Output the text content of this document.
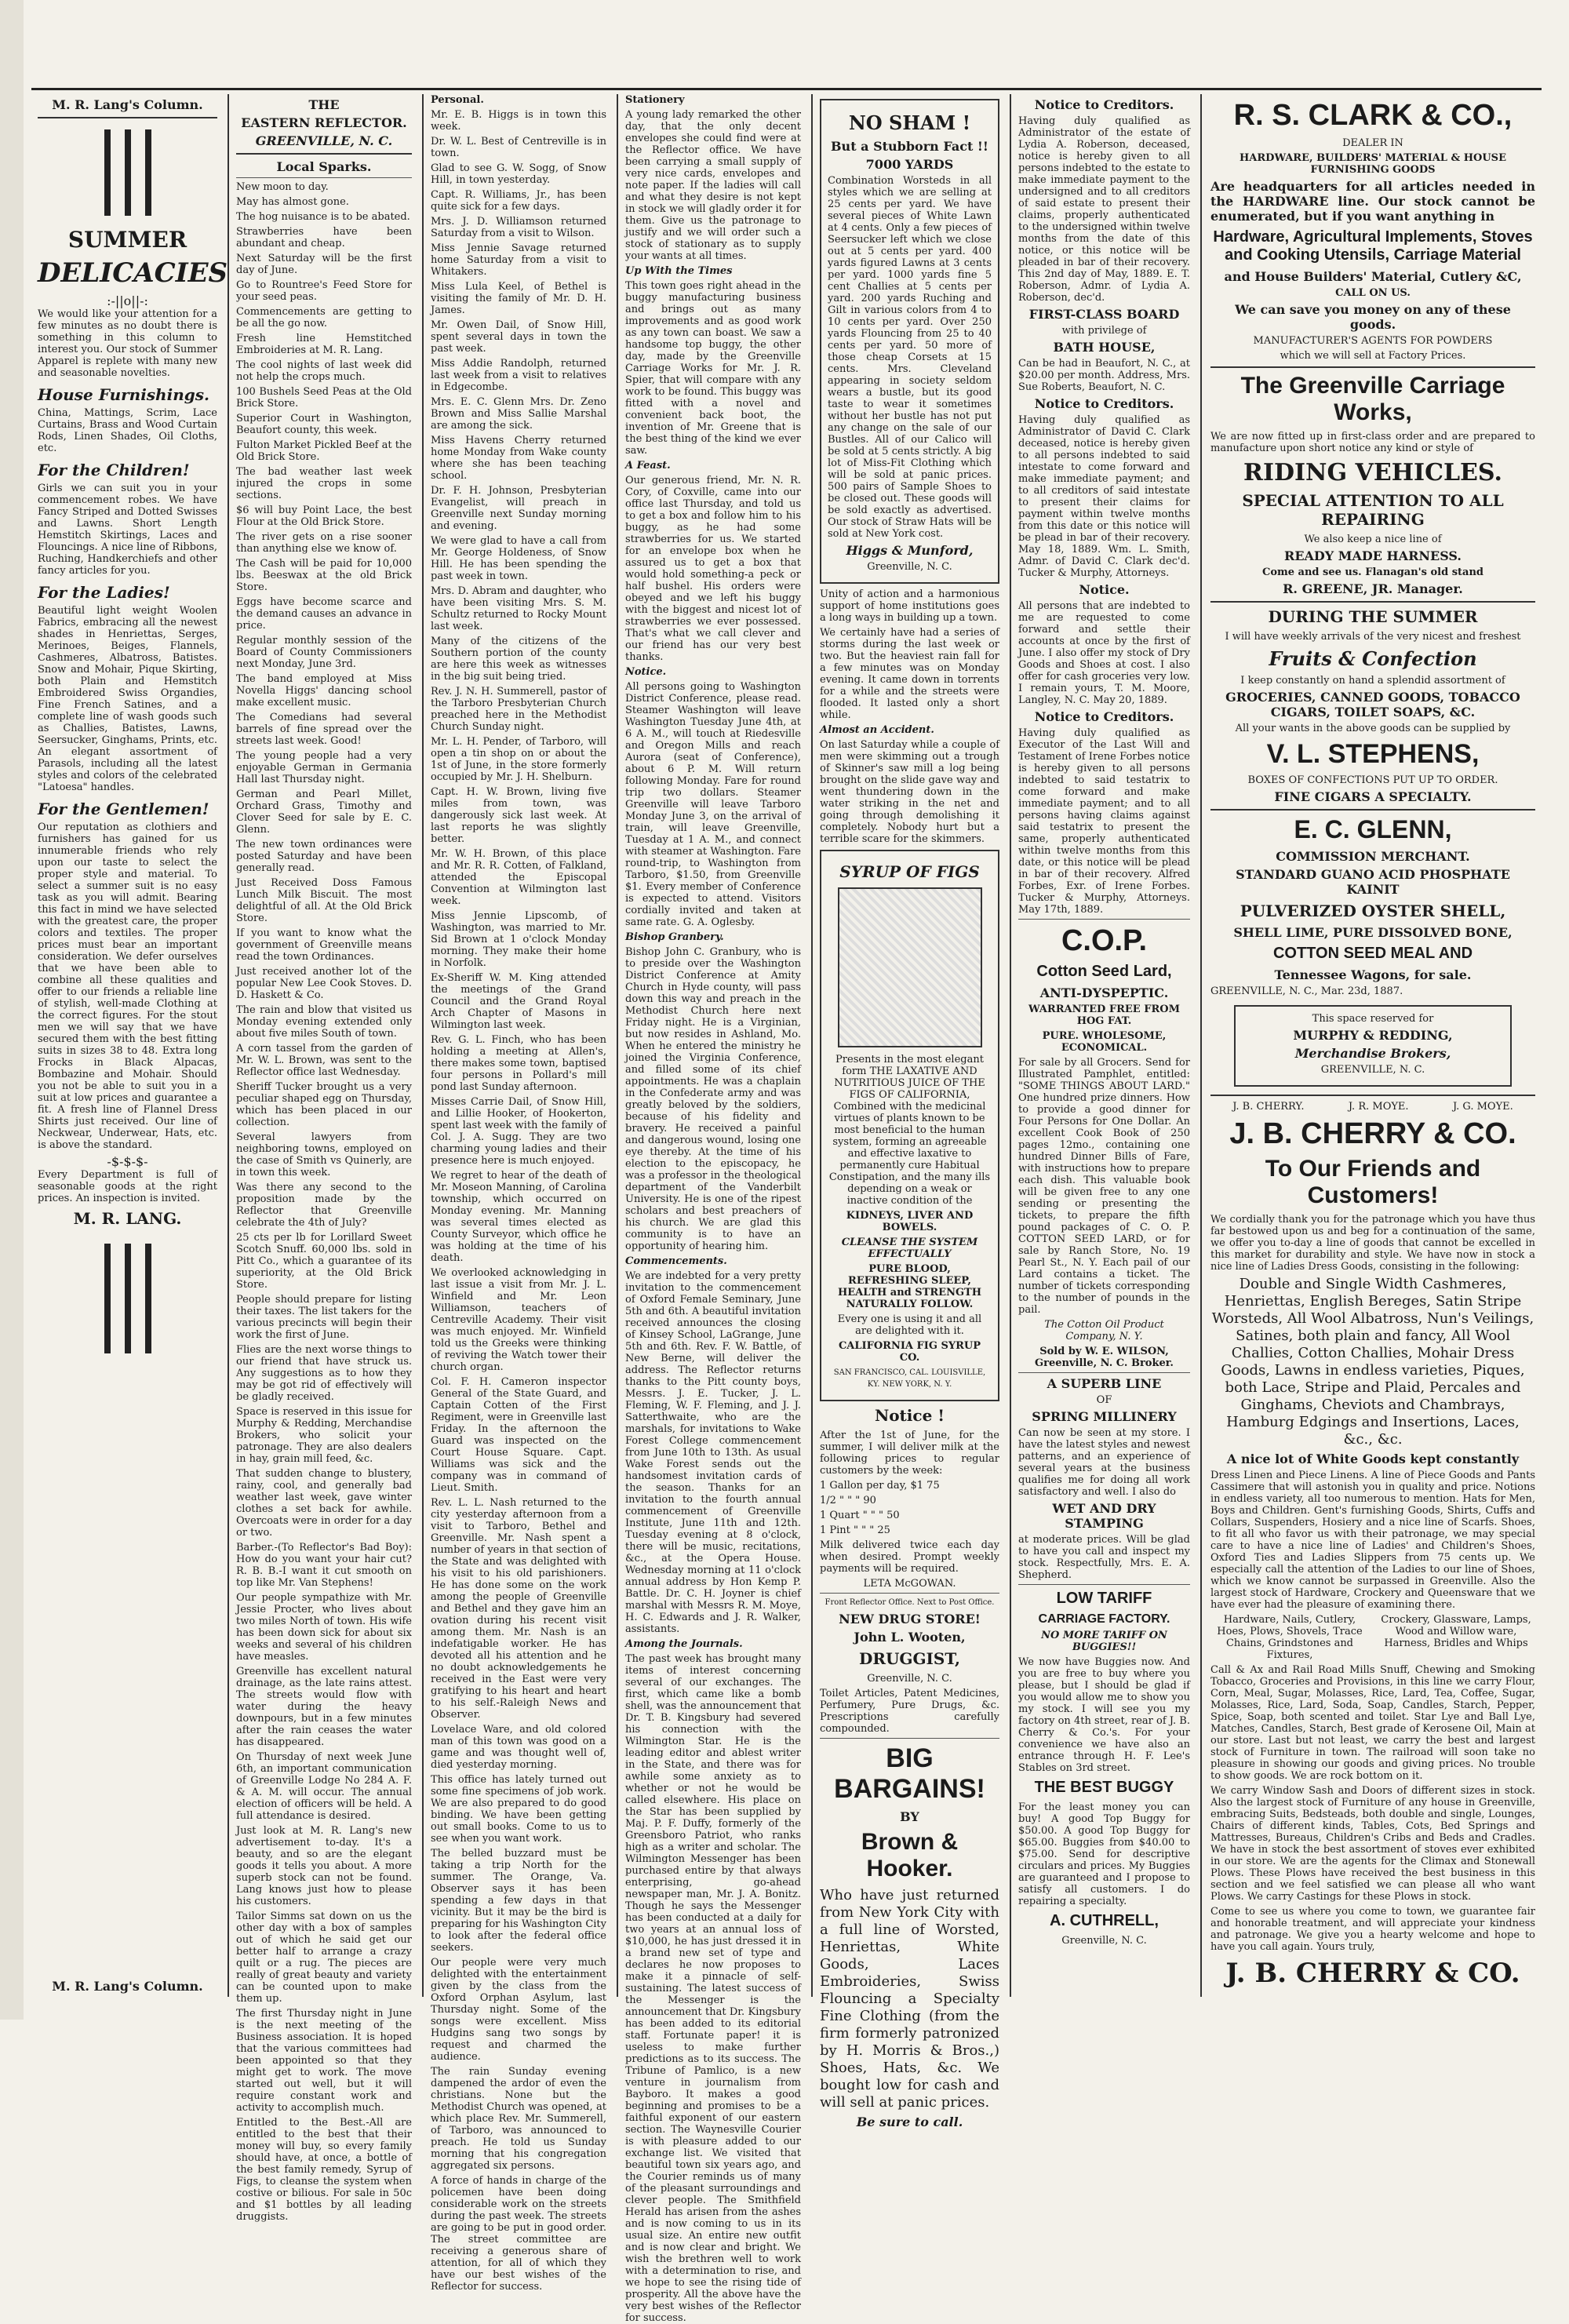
M. R. Lang's Column.
SUMMER
DELICACIES
:-||o||-:

We would like your attention for a few minutes as no doubt there is something in this column to interest you. Our stock of Summer Apparel is replete with many new and seasonable novelties.

House Furnishings.

China, Mattings, Scrim, Lace Curtains, Brass and Wood Curtain Rods, Linen Shades, Oil Cloths, etc.

For the Children!

Girls we can suit you in your commencement robes. We have Fancy Striped and Dotted Swisses and Lawns. Short Length Hemstitch Skirtings, Laces and Flouncings. A nice line of Ribbons, Ruching, Handkerchiefs and other fancy articles for you.

For the Ladies!

Beautiful light weight Woolen Fabrics, embracing all the newest shades in Henriettas, Serges, Merinoes, Beiges, Flannels, Cashmeres, Albatross, Batistes. Snow and Mohair, Pique Skirting, both Plain and Hemstitch Embroidered Swiss Organdies, Fine French Satines, and a complete line of wash goods such as Challies, Batistes, Lawns, Seersucker, Ginghams, Prints, etc. An elegant assortment of Parasols, including all the latest styles and colors of the celebrated "Latoesa" handles.

For the Gentlemen!

Our reputation as clothiers and furnishers has gained for us innumerable friends who rely upon our taste to select the proper style and material. To select a summer suit is no easy task as you will admit. Bearing this fact in mind we have selected with the greatest care, the proper colors and textiles. The proper prices must bear an important consideration. We defer ourselves that we have been able to combine all these qualities and offer to our friends a reliable line of stylish, well-made Clothing at the correct figures. For the stout men we will say that we have secured them with the best fitting suits in sizes 38 to 48. Extra long Frocks in Black Alpacas, Bombazine and Mohair. Should you not be able to suit you in a suit at low prices and guarantee a fit. A fresh line of Flannel Dress Shirts just received. Our line of Neckwear, Underwear, Hats, etc. is above the standard.

-$-$-$-

Every Department is full of seasonable goods at the right prices. An inspection is invited.

M. R. LANG.
M. R. Lang's Column.
THE
EASTERN REFLECTOR.
GREENVILLE, N. C.
Local Sparks.

New moon to day.

May has almost gone.

The hog nuisance is to be abated.

Strawberries have been abundant and cheap.

Next Saturday will be the first day of June.

Go to Rountree's Feed Store for your seed peas.

Commencements are getting to be all the go now.

Fresh line Hemstitched Embroideries at M. R. Lang.

The cool nights of last week did not help the crops much.

100 Bushels Seed Peas at the Old Brick Store.

Superior Court in Washington, Beaufort county, this week.

Fulton Market Pickled Beef at the Old Brick Store.

The bad weather last week injured the crops in some sections.

$6 will buy Point Lace, the best Flour at the Old Brick Store.

The river gets on a rise sooner than anything else we know of.

The Cash will be paid for 10,000 lbs. Beeswax at the old Brick Store.

Eggs have become scarce and the demand causes an advance in price.

Regular monthly session of the Board of County Commissioners next Monday, June 3rd.

The band employed at Miss Novella Higgs' dancing school make excellent music.

The Comedians had several barrels of fine spread over the streets last week. Good!

The young people had a very enjoyable German in Germania Hall last Thursday night.

German and Pearl Millet, Orchard Grass, Timothy and Clover Seed for sale by E. C. Glenn.

The new town ordinances were posted Saturday and have been generally read.

Just Received Doss Famous Lunch Milk Biscuit. The most delightful of all. At the Old Brick Store.

If you want to know what the government of Greenville means read the town Ordinances.

Just received another lot of the popular New Lee Cook Stoves. D. D. Haskett & Co.

The rain and blow that visited us Monday evening extended only about five miles South of town.

A corn tassel from the garden of Mr. W. L. Brown, was sent to the Reflector office last Wednesday.

Sheriff Tucker brought us a very peculiar shaped egg on Thursday, which has been placed in our collection.

Several lawyers from neighboring towns, employed on the case of Smith vs Quinerly, are in town this week.

Was there any second to the proposition made by the Reflector that Greenville celebrate the 4th of July?

25 cts per lb for Lorillard Sweet Scotch Snuff. 60,000 lbs. sold in Pitt Co., which a guarantee of its superiority, at the Old Brick Store.

People should prepare for listing their taxes. The list takers for the various precincts will begin their work the first of June.

Flies are the next worse things to our friend that have struck us. Any suggestions as to how they may be got rid of effectively will be gladly received.

Space is reserved in this issue for Murphy & Redding, Merchandise Brokers, who solicit your patronage. They are also dealers in hay, grain mill feed, &c.

That sudden change to blustery, rainy, cool, and generally bad weather last week, gave winter clothes a set back for awhile. Overcoats were in order for a day or two.

Barber.-(To Reflector's Bad Boy): How do you want your hair cut? R. B. B.-I want it cut smooth on top like Mr. Van Stephens!

Our people sympathize with Mr. Jessie Procter, who lives about two miles North of town. His wife has been down sick for about six weeks and several of his children have measles.

Greenville has excellent natural drainage, as the late rains attest. The streets would flow with water during the heavy downpours, but in a few minutes after the rain ceases the water has disappeared.

On Thursday of next week June 6th, an important communication of Greenville Lodge No 284 A. F. & A. M. will occur. The annual election of officers will be held. A full attendance is desired.

Just look at M. R. Lang's new advertisement to-day. It's a beauty, and so are the elegant goods it tells you about. A more superb stock can not be found. Lang knows just how to please his customers.

Tailor Simms sat down on us the other day with a box of samples out of which he said get our better half to arrange a crazy quilt or a rug. The pieces are really of great beauty and variety can be counted upon to make them up.

The first Thursday night in June is the next meeting of the Business association. It is hoped that the various committees had been appointed so that they might get to work. The move started out well, but it will require constant work and activity to accomplish much.

Entitled to the Best.-All are entitled to the best that their money will buy, so every family should have, at once, a bottle of the best family remedy, Syrup of Figs, to cleanse the system when costive or bilious. For sale in 50c and $1 bottles by all leading druggists.

Personal.

Mr. E. B. Higgs is in town this week.

Dr. W. L. Best of Centreville is in town.

Glad to see G. W. Sogg, of Snow Hill, in town yesterday.

Capt. R. Williams, Jr., has been quite sick for a few days.

Mrs. J. D. Williamson returned Saturday from a visit to Wilson.

Miss Jennie Savage returned home Saturday from a visit to Whitakers.

Miss Lula Keel, of Bethel is visiting the family of Mr. D. H. James.

Mr. Owen Dail, of Snow Hill, spent several days in town the past week.

Miss Addie Randolph, returned last week from a visit to relatives in Edgecombe.

Mrs. E. C. Glenn Mrs. Dr. Zeno Brown and Miss Sallie Marshal are among the sick.

Miss Havens Cherry returned home Monday from Wake county where she has been teaching school.

Dr. F. H. Johnson, Presbyterian Evangelist, will preach in Greenville next Sunday morning and evening.

We were glad to have a call from Mr. George Holdeness, of Snow Hill. He has been spending the past week in town.

Mrs. D. Abram and daughter, who have been visiting Mrs. S. M. Schultz returned to Rocky Mount last week.

Many of the citizens of the Southern portion of the county are here this week as witnesses in the big suit being tried.

Rev. J. N. H. Summerell, pastor of the Tarboro Presbyterian Church preached here in the Methodist Church Sunday night.

Mr. L. H. Pender, of Tarboro, will open a tin shop on or about the 1st of June, in the store formerly occupied by Mr. J. H. Shelburn.

Capt. H. W. Brown, living five miles from town, was dangerously sick last week. At last reports he was slightly better.

Mr. W. H. Brown, of this place and Mr. R. R. Cotten, of Falkland, attended the Episcopal Convention at Wilmington last week.

Miss Jennie Lipscomb, of Washington, was married to Mr. Sid Brown at 1 o'clock Monday morning. They make their home in Norfolk.

Ex-Sheriff W. M. King attended the meetings of the Grand Council and the Grand Royal Arch Chapter of Masons in Wilmington last week.

Rev. G. L. Finch, who has been holding a meeting at Allen's, there makes some town, baptised four persons in Pollard's mill pond last Sunday afternoon.

Misses Carrie Dail, of Snow Hill, and Lillie Hooker, of Hookerton, spent last week with the family of Col. J. A. Sugg. They are two charming young ladies and their presence here is much enjoyed.

We regret to hear of the death of Mr. Moseon Manning, of Carolina township, which occurred on Monday evening. Mr. Manning was several times elected as County Surveyor, which office he was holding at the time of his death.

We overlooked acknowledging in last issue a visit from Mr. J. L. Winfield and Mr. Leon Williamson, teachers of Centreville Academy. Their visit was much enjoyed. Mr. Winfield told us the Greeks were thinking of reviving the Watch tower their church organ.

Col. F. H. Cameron inspector General of the State Guard, and Captain Cotten of the First Regiment, were in Greenville last Friday. In the afternoon the Guard was inspected on the Court House Square. Capt. Williams was sick and the company was in command of Lieut. Smith.

Rev. L. L. Nash returned to the city yesterday afternoon from a visit to Tarboro, Bethel and Greenville. Mr. Nash spent a number of years in that section of the State and was delighted with his visit to his old parishioners. He has done some on the work among the people of Greenville and Bethel and they gave him an ovation during his recent visit among them. Mr. Nash is an indefatigable worker. He has devoted all his attention and he no doubt acknowledgements he received in the East were very gratifying to his heart and heart to his self.-Raleigh News and Observer.

Lovelace Ware, and old colored man of this town was good on a game and was thought well of, died yesterday morning.

This office has lately turned out some fine specimens of job work. We are also prepared to do good binding. We have been getting out small books. Come to us to see when you want work.

The belled buzzard must be taking a trip North for the summer. The Orange, Va. Observer says it has been spending a few days in that vicinity. But it may be the bird is preparing for his Washington City to look after the federal office seekers.

Our people were very much delighted with the entertainment given by the class from the Oxford Orphan Asylum, last Thursday night. Some of the songs were excellent. Miss Hudgins sang two songs by request and charmed the audience.

The rain Sunday evening dampened the ardor of even the christians. None but the Methodist Church was opened, at which place Rev. Mr. Summerell, of Tarboro, was announced to preach. He told us Sunday morning that his congregation aggregated six persons.

A force of hands in charge of the policemen have been doing considerable work on the streets during the past week. The streets are going to be put in good order. The street committee are receiving a generous share of attention, for all of which they have our best wishes of the Reflector for success.

Stationery

A young lady remarked the other day, that the only decent envelopes she could find were at the Reflector office. We have been carrying a small supply of very nice cards, envelopes and note paper. If the ladies will call and what they desire is not kept in stock we will gladly order it for them. Give us the patronage to justify and we will order such a stock of stationary as to supply your wants at all times.

Up With the Times

This town goes right ahead in the buggy manufacturing business and brings out as many improvements and as good work as any town can boast. We saw a handsome top buggy, the other day, made by the Greenville Carriage Works for Mr. J. R. Spier, that will compare with any work to be found. This buggy was fitted with a novel and convenient back boot, the invention of Mr. Greene that is the best thing of the kind we ever saw.

A Feast.

Our generous friend, Mr. N. R. Cory, of Coxville, came into our office last Thursday, and told us to get a box and follow him to his buggy, as he had some strawberries for us. We started for an envelope box when he assured us to get a box that would hold something-a peck or half bushel. His orders were obeyed and we left his buggy with the biggest and nicest lot of strawberries we ever possessed. That's what we call clever and our friend has our very best thanks.

Notice.

All persons going to Washington District Conference, please read. Steamer Washington will leave Washington Tuesday June 4th, at 6 A. M., will touch at Riedesville and Oregon Mills and reach Aurora (seat of Conference), about 6 P. M. Will return following Monday. Fare for round trip two dollars. Steamer Greenville will leave Tarboro Monday June 3, on the arrival of train, will leave Greenville, Tuesday at 1 A. M., and connect with steamer at Washington. Fare round-trip, to Washington from Tarboro, $1.50, from Greenville $1. Every member of Conference is expected to attend. Visitors cordially invited and taken at same rate. G. A. Oglesby.

Bishop Granbery.

Bishop John C. Granbury, who is to preside over the Washington District Conference at Amity Church in Hyde county, will pass down this way and preach in the Methodist Church here next Friday night. He is a Virginian, but now resides in Ashland, Mo. When he entered the ministry he joined the Virginia Conference, and filled some of its chief appointments. He was a chaplain in the Confederate army and was greatly beloved by the soldiers, because of his fidelity and bravery. He received a painful and dangerous wound, losing one eye thereby. At the time of his election to the episcopacy, he was a professor in the theological department of the Vanderbilt University. He is one of the ripest scholars and best preachers of his church. We are glad this community is to have an opportunity of hearing him.

Commencements.

We are indebted for a very pretty invitation to the commencement of Oxford Female Seminary, June 5th and 6th. A beautiful invitation received announces the closing of Kinsey School, LaGrange, June 5th and 6th. Rev. F. W. Battle, of New Berne, will deliver the address. The Reflector returns thanks to the Pitt county boys, Messrs. J. E. Tucker, J. L. Fleming, W. F. Fleming, and J. J. Satterthwaite, who are the marshals, for invitations to Wake Forest College commencement from June 10th to 13th. As usual Wake Forest sends out the handsomest invitation cards of the season. Thanks for an invitation to the fourth annual commencement of Greenville Institute, June 11th and 12th. Tuesday evening at 8 o'clock, there will be music, recitations, &c., at the Opera House. Wednesday morning at 11 o'clock annual address by Hon Kemp P. Battle. Dr. C. H. Joyner is chief marshal with Messrs R. M. Moye, H. C. Edwards and J. R. Walker, assistants.

Among the Journals.

The past week has brought many items of interest concerning several of our exchanges. The first, which came like a bomb shell, was the announcement that Dr. T. B. Kingsbury had severed his connection with the Wilmington Star. He is the leading editor and ablest writer in the State, and there was for awhile some anxiety as to whether or not he would be called elsewhere. His place on the Star has been supplied by Maj. P. F. Duffy, formerly of the Greensboro Patriot, who ranks high as a writer and scholar. The Wilmington Messenger has been purchased entire by that always enterprising, go-ahead newspaper man, Mr. J. A. Bonitz. Though he says the Messenger has been conducted at a daily for two years at an annual loss of $10,000, he has just dressed it in a brand new set of type and declares he now proposes to make it a pinnacle of self-sustaining. The latest success of the Messenger is the announcement that Dr. Kingsbury has been added to its editorial staff. Fortunate paper! it is useless to make further predictions as to its success. The Tribune of Pamlico, is a new venture in journalism from Bayboro. It makes a good beginning and promises to be a faithful exponent of our eastern section. The Waynesville Courier is with pleasure added to our exchange list. We visited that beautiful town six years ago, and the Courier reminds us of many of the pleasant surroundings and clever people. The Smithfield Herald has arisen from the ashes and is now coming to us in its usual size. An entire new outfit and is now clear and bright. We wish the brethren well to work with a determination to rise, and we hope to see the rising tide of prosperity. All the above have the very best wishes of the Reflector for success.

NO SHAM !
But a Stubborn Fact !!
7000 YARDS

Combination Worsteds in all styles which we are selling at 25 cents per yard. We have several pieces of White Lawn at 4 cents. Only a few pieces of Seersucker left which we close out at 5 cents per yard. 400 yards figured Lawns at 3 cents per yard. 1000 yards fine 5 cent Challies at 5 cents per yard. 200 yards Ruching and Gilt in various colors from 4 to 10 cents per yard. Over 250 yards Flouncing from 25 to 40 cents per yard. 50 more of those cheap Corsets at 15 cents. Mrs. Cleveland appearing in society seldom wears a bustle, but its good taste to wear it sometimes without her bustle has not put any change on the sale of our Bustles. All of our Calico will be sold at 5 cents strictly. A big lot of Miss-Fit Clothing which will be sold at panic prices. 500 pairs of Sample Shoes to be closed out. These goods will be sold exactly as advertised. Our stock of Straw Hats will be sold at New York cost.

Higgs & Munford,
Greenville, N. C.

Unity of action and a harmonious support of home institutions goes a long ways in building up a town.

We certainly have had a series of storms during the last week or two. But the heaviest rain fall for a few minutes was on Monday evening. It came down in torrents for a while and the streets were flooded. It lasted only a short while.

Almost an Accident.

On last Saturday while a couple of men were skimming out a trough of Skinner's saw mill a log being brought on the slide gave way and went thundering down in the water striking in the net and going through demolishing it completely. Nobody hurt but a terrible scare for the skimmers.

SYRUP OF FIGS

Presents in the most elegant form THE LAXATIVE AND NUTRITIOUS JUICE OF THE FIGS OF CALIFORNIA, Combined with the medicinal virtues of plants known to be most beneficial to the human system, forming an agreeable and effective laxative to permanently cure Habitual Constipation, and the many ills depending on a weak or inactive condition of the

KIDNEYS, LIVER AND BOWELS.
CLEANSE THE SYSTEM EFFECTUALLY
PURE BLOOD, REFRESHING SLEEP, HEALTH and STRENGTH NATURALLY FOLLOW.
Every one is using it and all are delighted with it.
CALIFORNIA FIG SYRUP CO.
SAN FRANCISCO, CAL. LOUISVILLE, KY. NEW YORK, N. Y.
Notice !

After the 1st of June, for the summer, I will deliver milk at the following prices to regular customers by the week:

1 Gallon per day, $1 75

1/2 " " " 90

1 Quart " " " 50

1 Pint " " " 25

Milk delivered twice each day when desired. Prompt weekly payments will be required.

LETA McGOWAN.
Front Reflector Office. Next to Post Office.
NEW DRUG STORE!
John L. Wooten,
DRUGGIST,
Greenville, N. C.

Toilet Articles, Patent Medicines, Perfumery, Pure Drugs, &c. Prescriptions carefully compounded.

BIG BARGAINS!
BY
Brown & Hooker.

Who have just returned from New York City with a full line of Worsted, Henriettas, White Goods, Laces Embroideries, Swiss Flouncing a Specialty Fine Clothing (from the firm formerly patronized by H. Morris & Bros.,) Shoes, Hats, &c. We bought low for cash and will sell at panic prices.

Be sure to call.
Notice to Creditors.

Having duly qualified as Administrator of the estate of Lydia A. Roberson, deceased, notice is hereby given to all persons indebted to the estate to make immediate payment to the undersigned and to all creditors of said estate to present their claims, properly authenticated to the undersigned within twelve months from the date of this notice, or this notice will be pleaded in bar of their recovery. This 2nd day of May, 1889. E. T. Roberson, Admr. of Lydia A. Roberson, dec'd.

FIRST-CLASS BOARD
with privilege of
BATH HOUSE,

Can be had in Beaufort, N. C., at $20.00 per month. Address, Mrs. Sue Roberts, Beaufort, N. C.

Notice to Creditors.

Having duly qualified as Administrator of David C. Clark deceased, notice is hereby given to all persons indebted to said intestate to come forward and make immediate payment; and to all creditors of said intestate to present their claims for payment within twelve months from this date or this notice will be plead in bar of their recovery. May 18, 1889. Wm. L. Smith, Admr. of David C. Clark dec'd. Tucker & Murphy, Attorneys.

Notice.

All persons that are indebted to me are requested to come forward and settle their accounts at once by the first of June. I also offer my stock of Dry Goods and Shoes at cost. I also offer for cash groceries very low. I remain yours, T. M. Moore, Langley, N. C. May 20, 1889.

Notice to Creditors.

Having duly qualified as Executor of the Last Will and Testament of Irene Forbes notice is hereby given to all persons indebted to said testatrix to come forward and make immediate payment; and to all persons having claims against said testatrix to present the same, properly authenticated within twelve months from this date, or this notice will be plead in bar of their recovery. Alfred Forbes, Exr. of Irene Forbes. Tucker & Murphy, Attorneys. May 17th, 1889.

C.O.P.
Cotton Seed Lard,
ANTI-DYSPEPTIC.
WARRANTED FREE FROM HOG FAT.
PURE. WHOLESOME, ECONOMICAL.

For sale by all Grocers. Send for Illustrated Pamphlet, entitled: "SOME THINGS ABOUT LARD." One hundred prize dinners. How to provide a good dinner for Four Persons for One Dollar. An excellent Cook Book of 250 pages 12mo., containing one hundred Dinner Bills of Fare, with instructions how to prepare each dish. This valuable book will be given free to any one sending or presenting the tickets, to prepare the fifth pound packages of C. O. P. COTTON SEED LARD, or for sale by Ranch Store, No. 19 Pearl St., N. Y. Each pail of our Lard contains a ticket. The number of tickets corresponding to the number of pounds in the pail.

The Cotton Oil Product Company, N. Y.
Sold by W. E. WILSON, Greenville, N. C. Broker.
A SUPERB LINE
OF
SPRING MILLINERY

Can now be seen at my store. I have the latest styles and newest patterns, and an experience of several years at the business qualifies me for doing all work satisfactory and well. I also do

WET AND DRY STAMPING

at moderate prices. Will be glad to have you call and inspect my stock. Respectfully, Mrs. E. A. Shepherd.

LOW TARIFF
CARRIAGE FACTORY.
NO MORE TARIFF ON BUGGIES!!

We now have Buggies now. And you are free to buy where you please, but I should be glad if you would allow me to show you my stock. I will see you my factory on 4th street, rear of J. B. Cherry & Co.'s. For your convenience we have also an entrance through H. F. Lee's Stables on 3rd street.

THE BEST BUGGY

For the least money you can buy! A good Top Buggy for $50.00. A good Top Buggy for $65.00. Buggies from $40.00 to $75.00. Send for descriptive circulars and prices. My Buggies are guaranteed and I propose to satisfy all customers. I do repairing a specialty.

A. CUTHRELL,
Greenville, N. C.
R. S. CLARK & CO.,
DEALER IN
HARDWARE, BUILDERS' MATERIAL & HOUSE FURNISHING GOODS

Are headquarters for all articles needed in the HARDWARE line. Our stock cannot be enumerated, but if you want anything in

Hardware, Agricultural Implements, Stoves and Cooking Utensils, Carriage Material
and House Builders' Material, Cutlery &C,
CALL ON US.
We can save you money on any of these goods.
MANUFACTURER'S AGENTS FOR POWDERS
which we will sell at Factory Prices.
The Greenville Carriage Works,

We are now fitted up in first-class order and are prepared to manufacture upon short notice any kind or style of

RIDING VEHICLES.
SPECIAL ATTENTION TO ALL REPAIRING
We also keep a nice line of
READY MADE HARNESS.
Come and see us. Flanagan's old stand
R. GREENE, JR. Manager.
DURING THE SUMMER
I will have weekly arrivals of the very nicest and freshest
Fruits & Confection
I keep constantly on hand a splendid assortment of
GROCERIES, CANNED GOODS, TOBACCO CIGARS, TOILET SOAPS, &C.
All your wants in the above goods can be supplied by
V. L. STEPHENS,
BOXES OF CONFECTIONS PUT UP TO ORDER.
FINE CIGARS A SPECIALTY.
E. C. GLENN,
COMMISSION MERCHANT.
STANDARD GUANO ACID PHOSPHATE KAINIT
PULVERIZED OYSTER SHELL,
SHELL LIME, PURE DISSOLVED BONE,
COTTON SEED MEAL AND
Tennessee Wagons, for sale.
GREENVILLE, N. C., Mar. 23d, 1887.
This space reserved for
MURPHY & REDDING,
Merchandise Brokers,
GREENVILLE, N. C.
J. B. CHERRY.	J. R. MOYE.	J. G. MOYE.
J. B. CHERRY & CO.
To Our Friends and Customers!

We cordially thank you for the patronage which you have thus far bestowed upon us and beg for a continuation of the same, we offer you to-day a line of goods that cannot be excelled in this market for durability and style. We have now in stock a nice line of Ladies Dress Goods, consisting in the following:

Double and Single Width Cashmeres, Henriettas, English Bereges, Satin Stripe Worsteds, All Wool Albatross, Nun's Veilings, Satines, both plain and fancy, All Wool Challies, Cotton Challies, Mohair Dress Goods, Lawns in endless varieties, Piques, both Lace, Stripe and Plaid, Percales and Ginghams, Cheviots and Chambrays, Hamburg Edgings and Insertions, Laces, &c., &c.

A nice lot of White Goods kept constantly

Dress Linen and Piece Linens. A line of Piece Goods and Pants Cassimere that will astonish you in quality and price. Notions in endless variety, all too numerous to mention. Hats for Men, Boys and Children. Gent's furnishing Goods, Shirts, Cuffs and Collars, Suspenders, Hosiery and a nice line of Scarfs. Shoes, to fit all who favor us with their patronage, we may special care to have a nice line of Ladies' and Children's Shoes, Oxford Ties and Ladies Slippers from 75 cents up. We especially call the attention of the Ladies to our line of Shoes, which we know cannot be surpassed in Greenville. Also the largest stock of Hardware, Crockery and Queensware that we have ever had the pleasure of examining there.

Hardware, Nails, Cutlery, Hoes, Plows, Shovels, Trace Chains, Grindstones and Fixtures,

Crockery, Glassware, Lamps, Wood and Willow ware, Harness, Bridles and Whips

Call & Ax and Rail Road Mills Snuff, Chewing and Smoking Tobacco, Groceries and Provisions, in this line we carry Flour, Corn, Meal, Sugar, Molasses, Rice, Lard, Tea, Coffee, Sugar, Molasses, Rice, Lard, Soda, Soap, Candles, Starch, Pepper, Spice, Soap, both scented and toilet. Star Lye and Ball Lye, Matches, Candles, Starch, Best grade of Kerosene Oil, Main at our store. Last but not least, we carry the best and largest stock of Furniture in town. The railroad will soon take no pleasure in showing our goods and giving prices. No trouble to show goods. We are rock bottom on it.

We carry Window Sash and Doors of different sizes in stock. Also the largest stock of Furniture of any house in Greenville, embracing Suits, Bedsteads, both double and single, Lounges, Chairs of different kinds, Tables, Cots, Bed Springs and Mattresses, Bureaus, Children's Cribs and Beds and Cradles. We have in stock the best assortment of stoves ever exhibited in our store. We are the agents for the Climax and Stonewall Plows. These Plows have received the best business in this section and we feel satisfied we can please all who want Plows. We carry Castings for these Plows in stock.

Come to see us where you come to town, we guarantee fair and honorable treatment, and will appreciate your kindness and patronage. We give you a hearty welcome and hope to have you call again. Yours truly,

J. B. CHERRY & CO.
